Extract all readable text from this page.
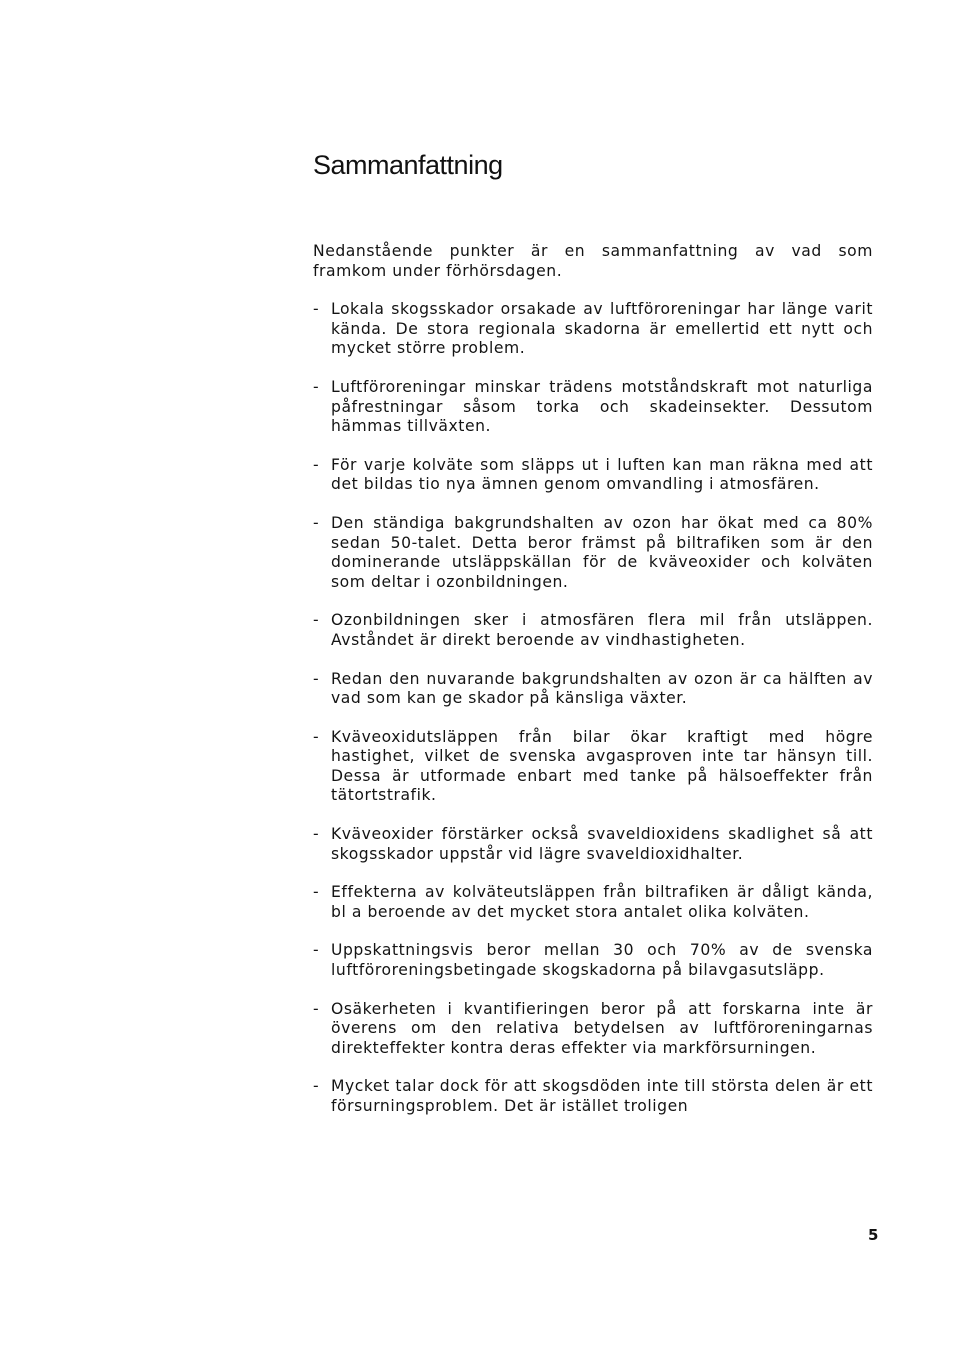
Sammanfattning

Nedanstående punkter är en sammanfattning av vad som framkom under förhörsdagen.

- Lokala skogsskador orsakade av luftföroreningar har länge varit kända. De stora regionala skadorna är emellertid ett nytt och mycket större problem.
- Luftföroreningar minskar trädens motståndskraft mot naturliga påfrestningar såsom torka och skadeinsekter. Dessutom hämmas tillväxten.
- För varje kolväte som släpps ut i luften kan man räkna med att det bildas tio nya ämnen genom omvandling i atmosfären.
- Den ständiga bakgrundshalten av ozon har ökat med ca 80% sedan 50-talet. Detta beror främst på biltrafiken som är den dominerande utsläppskällan för de kväveoxider och kolväten som deltar i ozonbildningen.
- Ozonbildningen sker i atmosfären flera mil från utsläppen. Avståndet är direkt beroende av vindhastigheten.
- Redan den nuvarande bakgrundshalten av ozon är ca hälften av vad som kan ge skador på känsliga växter.
- Kväveoxidutsläppen från bilar ökar kraftigt med högre hastighet, vilket de svenska avgasproven inte tar hänsyn till. Dessa är utformade enbart med tanke på hälsoeffekter från tätortstrafik.
- Kväveoxider förstärker också svaveldioxidens skadlighet så att skogsskador uppstår vid lägre svaveldioxidhalter.
- Effekterna av kolväteutsläppen från biltrafiken är dåligt kända, bl a beroende av det mycket stora antalet olika kolväten.
- Uppskattningsvis beror mellan 30 och 70% av de svenska luftföroreningsbetingade skogskadorna på bilavgasutsläpp.
- Osäkerheten i kvantifieringen beror på att forskarna inte är överens om den relativa betydelsen av luftföroreningarnas direkteffekter kontra deras effekter via markförsurningen.
- Mycket talar dock för att skogsdöden inte till största delen är ett försurningsproblem. Det är istället troligen
5
